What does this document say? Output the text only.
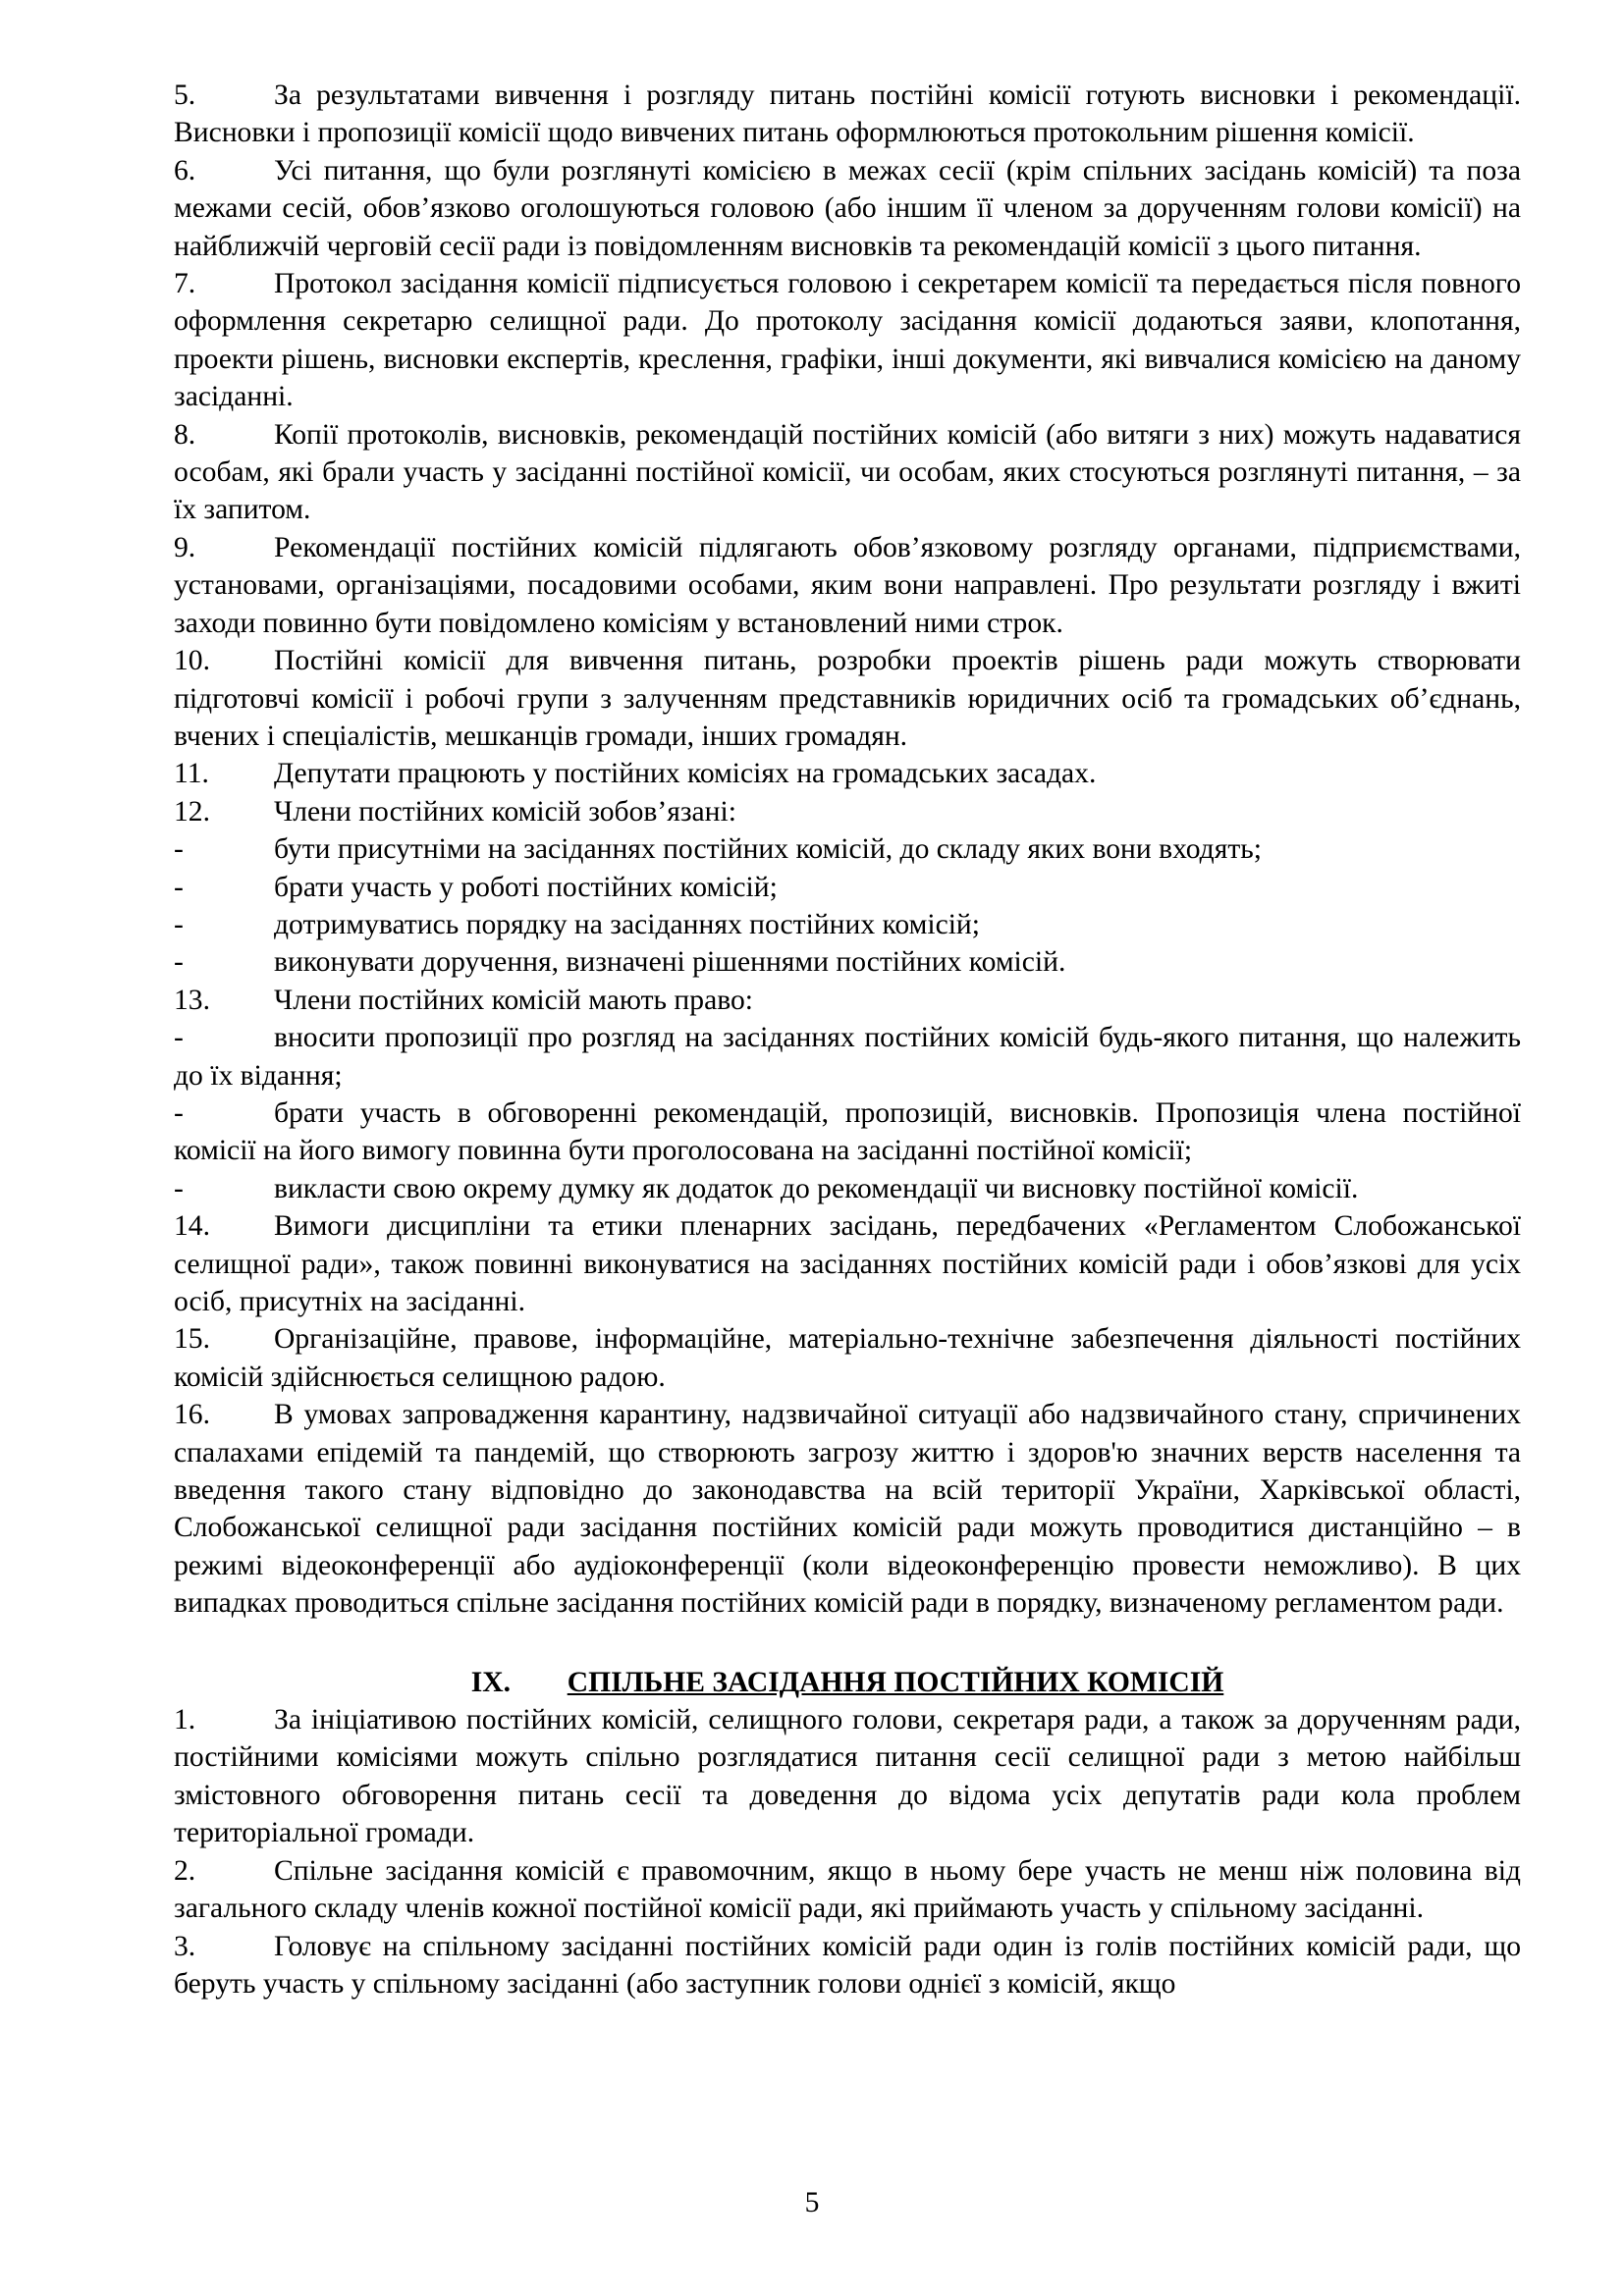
5.	За результатами вивчення і розгляду питань постійні комісії готують висновки і рекомендації. Висновки і пропозиції комісії щодо вивчених питань оформлюються протокольним рішення комісії.
6.	Усі питання, що були розглянуті комісією в межах сесії (крім спільних засідань комісій) та поза межами сесій, обов’язково оголошуються головою (або іншим її членом за дорученням голови комісії) на найближчій черговій сесії ради із повідомленням висновків та рекомендацій комісії з цього питання.
7.	Протокол засідання комісії підписується головою і секретарем комісії та передається після повного оформлення секретарю селищної ради. До протоколу засідання комісії додаються заяви, клопотання, проекти рішень, висновки експертів, креслення, графіки, інші документи, які вивчалися комісією на даному засіданні.
8.	Копії протоколів, висновків, рекомендацій постійних комісій (або витяги з них) можуть надаватися особам, які брали участь у засіданні постійної комісії, чи особам, яких стосуються розглянуті питання, – за їх запитом.
9.	Рекомендації постійних комісій підлягають обов’язковому розгляду органами, підприємствами, установами, організаціями, посадовими особами, яким вони направлені. Про результати розгляду і вжиті заходи повинно бути повідомлено комісіям у встановлений ними строк.
10. Постійні комісії для вивчення питань, розробки проектів рішень ради можуть створювати підготовчі комісії і робочі групи з залученням представників юридичних осіб та громадських об’єднань, вчених і спеціалістів, мешканців громади, інших громадян.
11. Депутати працюють у постійних комісіях на громадських засадах.
12. Члени постійних комісій зобов’язані:
-	бути присутніми на засіданнях постійних комісій, до складу яких вони входять;
-	брати участь у роботі постійних комісій;
-	дотримуватись порядку на засіданнях постійних комісій;
-	виконувати доручення, визначені рішеннями постійних комісій.
13. Члени постійних комісій мають право:
-	вносити пропозиції про розгляд на засіданнях постійних комісій будь-якого питання, що належить до їх відання;
-	брати участь в обговоренні рекомендацій, пропозицій, висновків. Пропозиція члена постійної комісії на його вимогу повинна бути проголосована на засіданні постійної комісії;
-	викласти свою окрему думку як додаток до рекомендації чи висновку постійної комісії.
14. Вимоги дисципліни та етики пленарних засідань, передбачених «Регламентом Слобожанської селищної ради», також повинні виконуватися на засіданнях постійних комісій ради і обов’язкові для усіх осіб, присутніх на засіданні.
15. Організаційне, правове, інформаційне, матеріально-технічне забезпечення діяльності постійних комісій здійснюється селищною радою.
16. В умовах запровадження карантину, надзвичайної ситуації або надзвичайного стану, спричинених спалахами епідемій та пандемій, що створюють загрозу життю і здоров'ю значних верств населення та введення такого стану відповідно до законодавства на всій території України, Харківської області, Слобожанської селищної ради засідання постійних комісій ради можуть проводитися дистанційно – в режимі відеоконференції або аудіоконференції (коли відеоконференцію провести неможливо). В цих випадках проводиться спільне засідання постійних комісій ради в порядку, визначеному регламентом ради.
IX. СПІЛЬНЕ ЗАСІДАННЯ ПОСТІЙНИХ КОМІСІЙ
1.	За ініціативою постійних комісій, селищного голови, секретаря ради, а також за дорученням ради, постійними комісіями можуть спільно розглядатися питання сесії селищної ради з метою найбільш змістовного обговорення питань сесії та доведення до відома усіх депутатів ради кола проблем територіальної громади.
2.	Спільне засідання комісій є правомочним, якщо в ньому бере участь не менш ніж половина від загального складу членів кожної постійної комісії ради, які приймають участь у спільному засіданні.
3.	Головує на спільному засіданні постійних комісій ради один із голів постійних комісій ради, що беруть участь у спільному засіданні (або заступник голови однієї з комісій, якщо
5
